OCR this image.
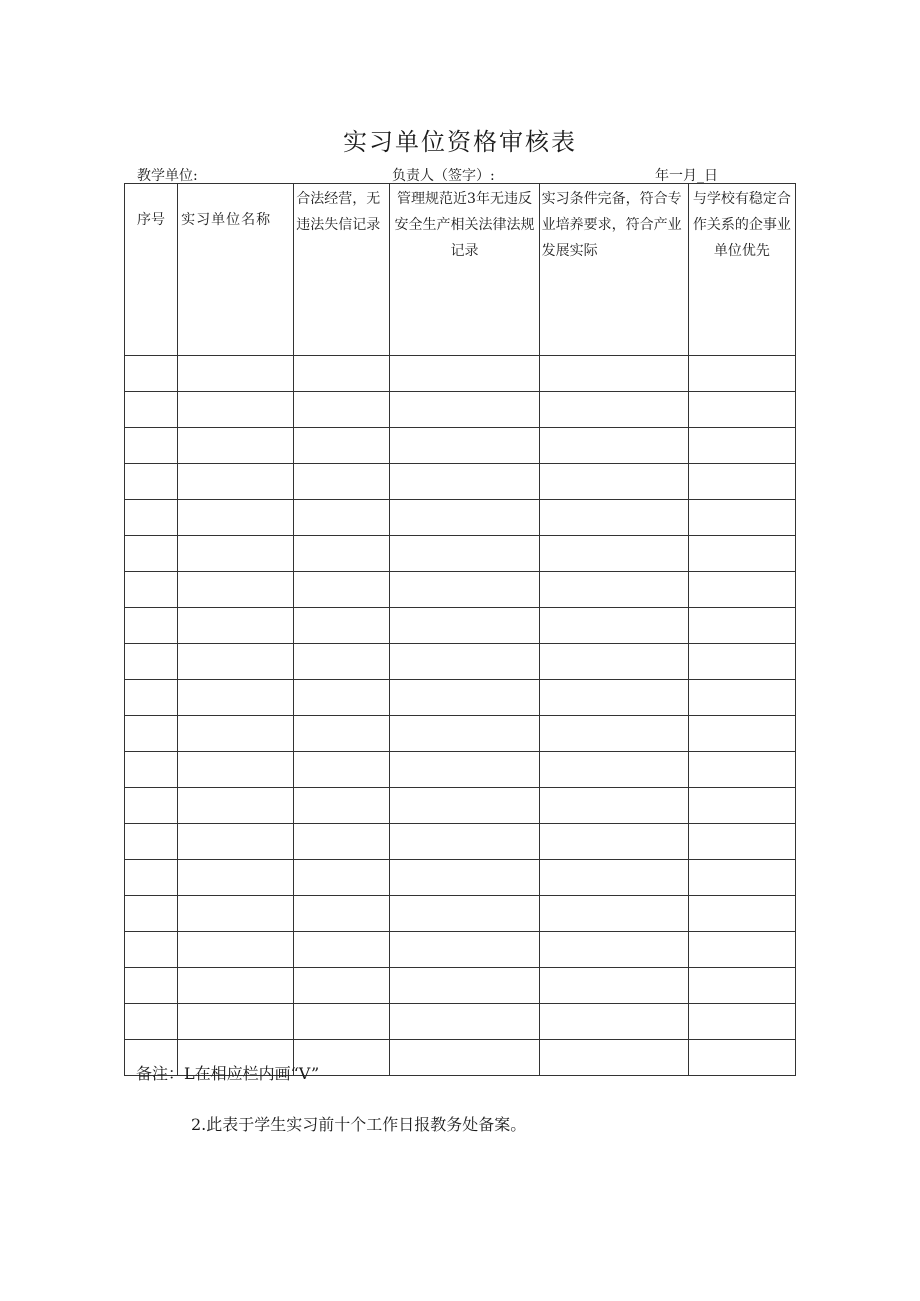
实习单位资格审核表
教学单位:	负责人（签字）:	年一月_日
序号	实习单位名称	合法经营，无违法失信记录	管理规范近3年无违反安全生产相关法律法规记录	实习条件完备，符合专业培养要求，符合产业发展实际	与学校有稳定合作关系的企事业单位优先

备注：L在相应栏内画“V”
2.此表于学生实习前十个工作日报教务处备案。
